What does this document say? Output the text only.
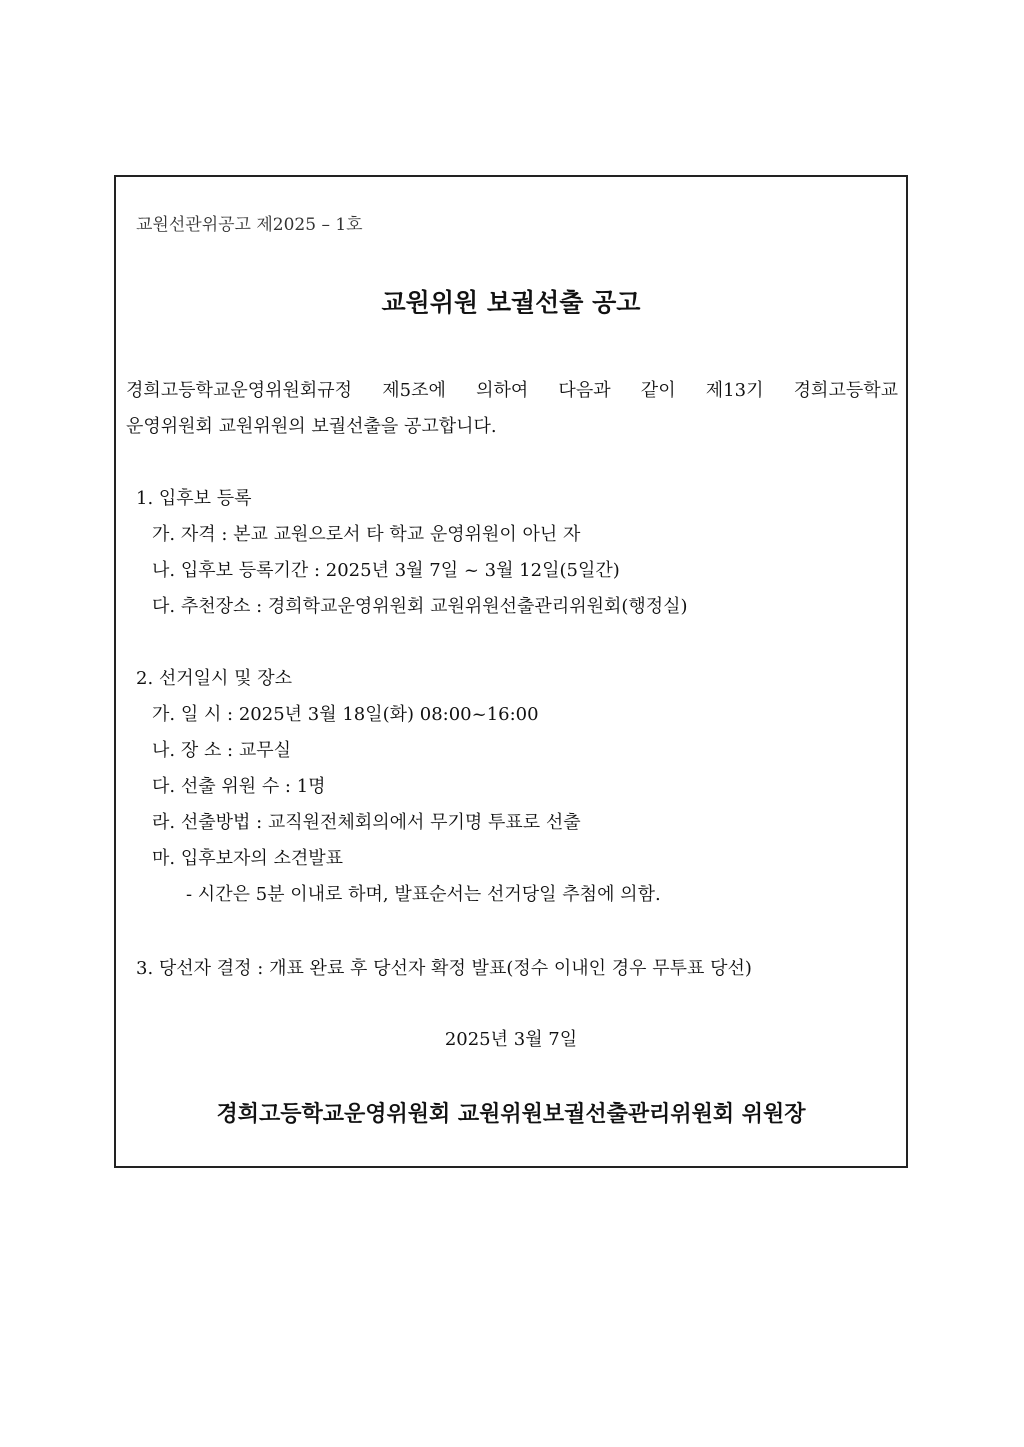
교원선관위공고 제2025 – 1호
교원위원 보궐선출 공고
경희고등학교운영위원회규정 제5조에 의하여 다음과 같이 제13기 경희고등학교
운영위원회 교원위원의 보궐선출을 공고합니다.
1. 입후보 등록
가. 자격 : 본교 교원으로서 타 학교 운영위원이 아닌 자
나. 입후보 등록기간 : 2025년 3월 7일 ~ 3월 12일(5일간)
다. 추천장소 : 경희학교운영위원회 교원위원선출관리위원회(행정실)
2. 선거일시 및 장소
가. 일 시 : 2025년 3월 18일(화) 08:00~16:00
나. 장 소 : 교무실
다. 선출 위원 수 : 1명
라. 선출방법 : 교직원전체회의에서 무기명 투표로 선출
마. 입후보자의 소견발표
- 시간은 5분 이내로 하며, 발표순서는 선거당일 추첨에 의함.
3. 당선자 결정 : 개표 완료 후 당선자 확정 발표(정수 이내인 경우 무투표 당선)
2025년 3월 7일
경희고등학교운영위원회 교원위원보궐선출관리위원회 위원장
